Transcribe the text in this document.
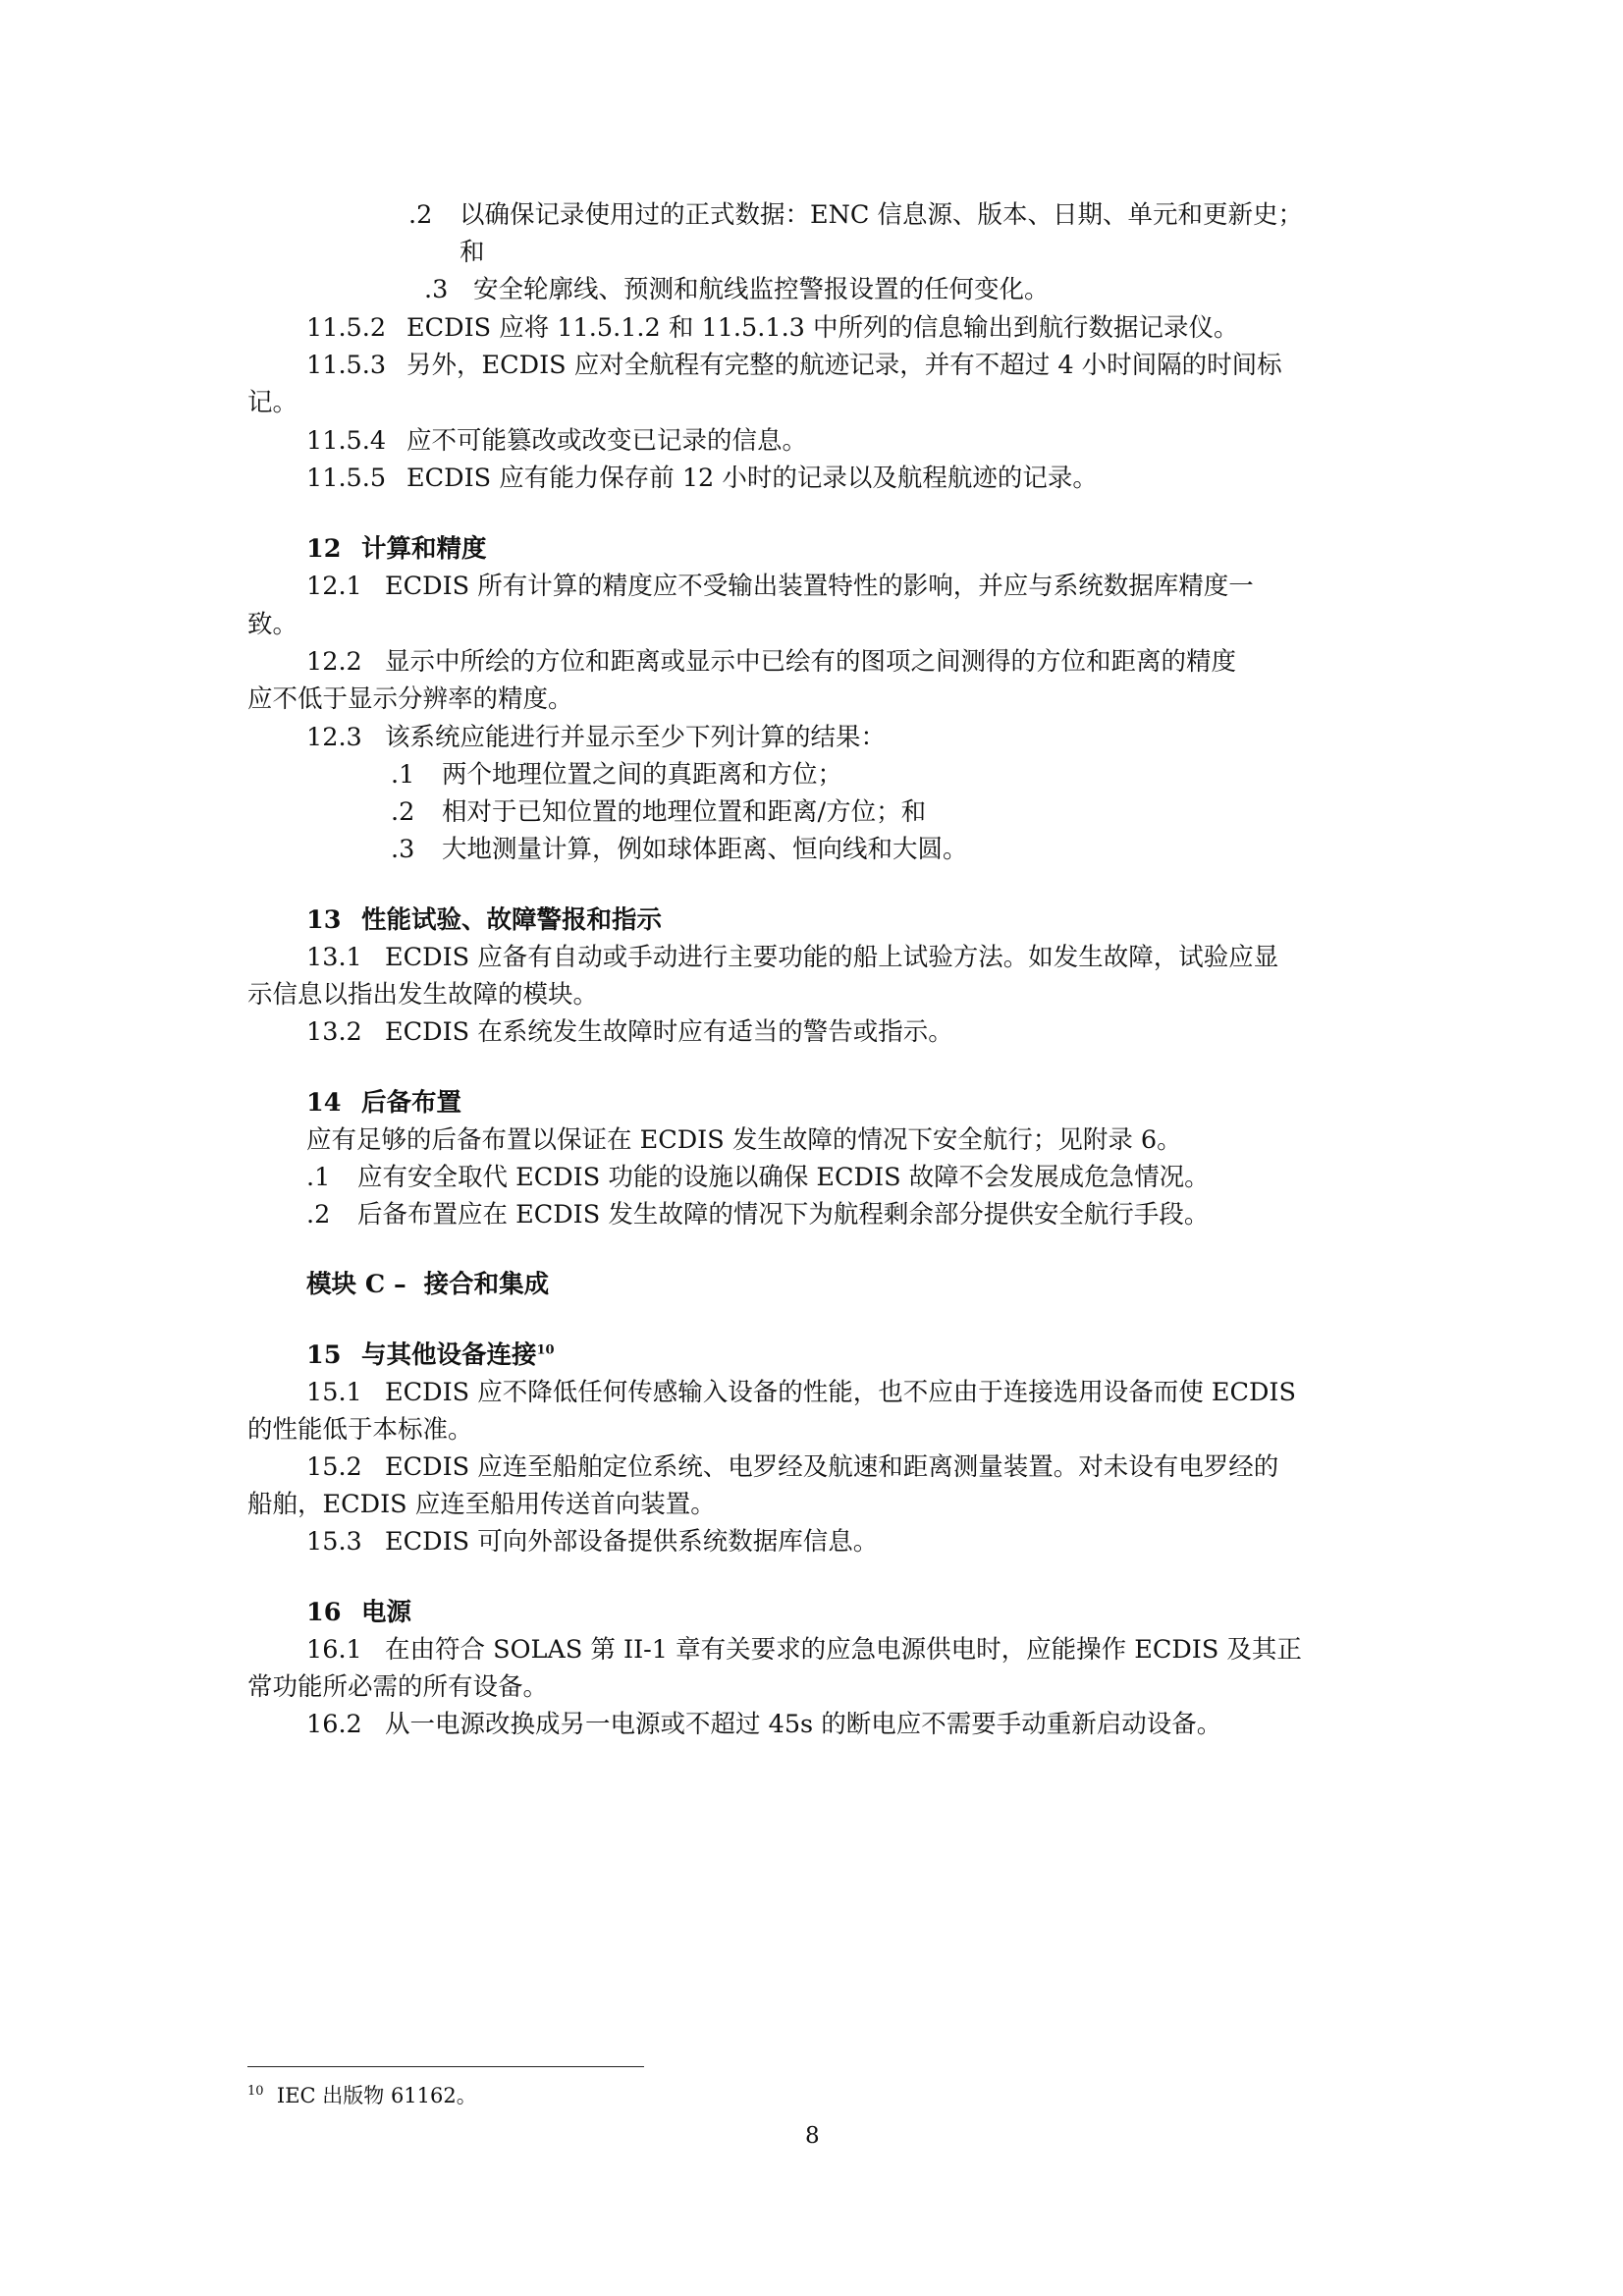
.2 以确保记录使用过的正式数据：ENC 信息源、版本、日期、单元和更新史；
和
.3 安全轮廓线、预测和航线监控警报设置的任何变化。
11.5.2 ECDIS 应将 11.5.1.2 和 11.5.1.3 中所列的信息输出到航行数据记录仪。
11.5.3 另外，ECDIS 应对全航程有完整的航迹记录，并有不超过 4 小时间隔的时间标
记。
11.5.4 应不可能篡改或改变已记录的信息。
11.5.5 ECDIS 应有能力保存前 12 小时的记录以及航程航迹的记录。
12 计算和精度
12.1 ECDIS 所有计算的精度应不受输出装置特性的影响，并应与系统数据库精度一
致。
12.2 显示中所绘的方位和距离或显示中已绘有的图项之间测得的方位和距离的精度
应不低于显示分辨率的精度。
12.3 该系统应能进行并显示至少下列计算的结果：
.1 两个地理位置之间的真距离和方位；
.2 相对于已知位置的地理位置和距离/方位；和
.3 大地测量计算，例如球体距离、恒向线和大圆。
13 性能试验、故障警报和指示
13.1 ECDIS 应备有自动或手动进行主要功能的船上试验方法。如发生故障，试验应显
示信息以指出发生故障的模块。
13.2 ECDIS 在系统发生故障时应有适当的警告或指示。
14 后备布置
应有足够的后备布置以保证在 ECDIS 发生故障的情况下安全航行；见附录 6。
.1 应有安全取代 ECDIS 功能的设施以确保 ECDIS 故障不会发展成危急情况。
.2 后备布置应在 ECDIS 发生故障的情况下为航程剩余部分提供安全航行手段。
模块 C – 接合和集成
15 与其他设备连接$^{10}$
15.1 ECDIS 应不降低任何传感输入设备的性能，也不应由于连接选用设备而使 ECDIS
的性能低于本标准。
15.2 ECDIS 应连至船舶定位系统、电罗经及航速和距离测量装置。对未设有电罗经的
船舶，ECDIS 应连至船用传送首向装置。
15.3 ECDIS 可向外部设备提供系统数据库信息。
16 电源
16.1 在由符合 SOLAS 第 II-1 章有关要求的应急电源供电时，应能操作 ECDIS 及其正
常功能所必需的所有设备。
16.2 从一电源改换成另一电源或不超过 45s 的断电应不需要手动重新启动设备。
$^{10}$ IEC 出版物 61162。
8
